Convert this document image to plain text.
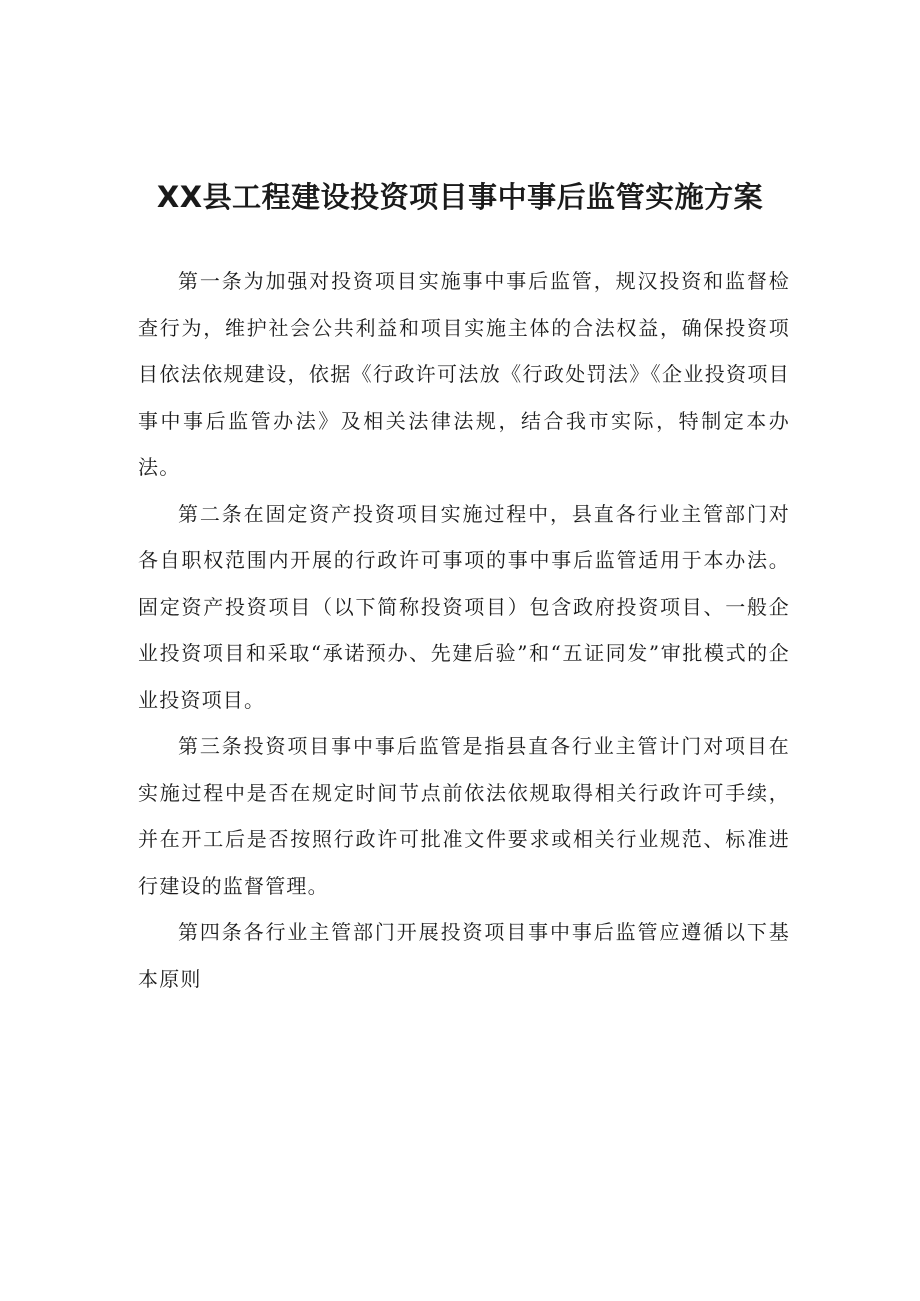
XX县工程建设投资项目事中事后监管实施方案

第一条为加强对投资项目实施事中事后监管，规汉投资和监督检查行为，维护社会公共利益和项目实施主体的合法权益，确保投资项目依法依规建设，依据《行政许可法放《行政处罚法》《企业投资项目事中事后监管办法》及相关法律法规，结合我市实际，特制定本办法。

第二条在固定资产投资项目实施过程中，县直各行业主管部门对各自职权范围内开展的行政许可事项的事中事后监管适用于本办法。固定资产投资项目（以下简称投资项目）包含政府投资项目、一般企业投资项目和采取“承诺预办、先建后验”和“五证同发”审批模式的企业投资项目。

第三条投资项目事中事后监管是指县直各行业主管计门对项目在实施过程中是否在规定时间节点前依法依规取得相关行政许可手续，并在开工后是否按照行政许可批准文件要求或相关行业规范、标准进行建设的监督管理。

第四条各行业主管部门开展投资项目事中事后监管应遵循以下基本原则
